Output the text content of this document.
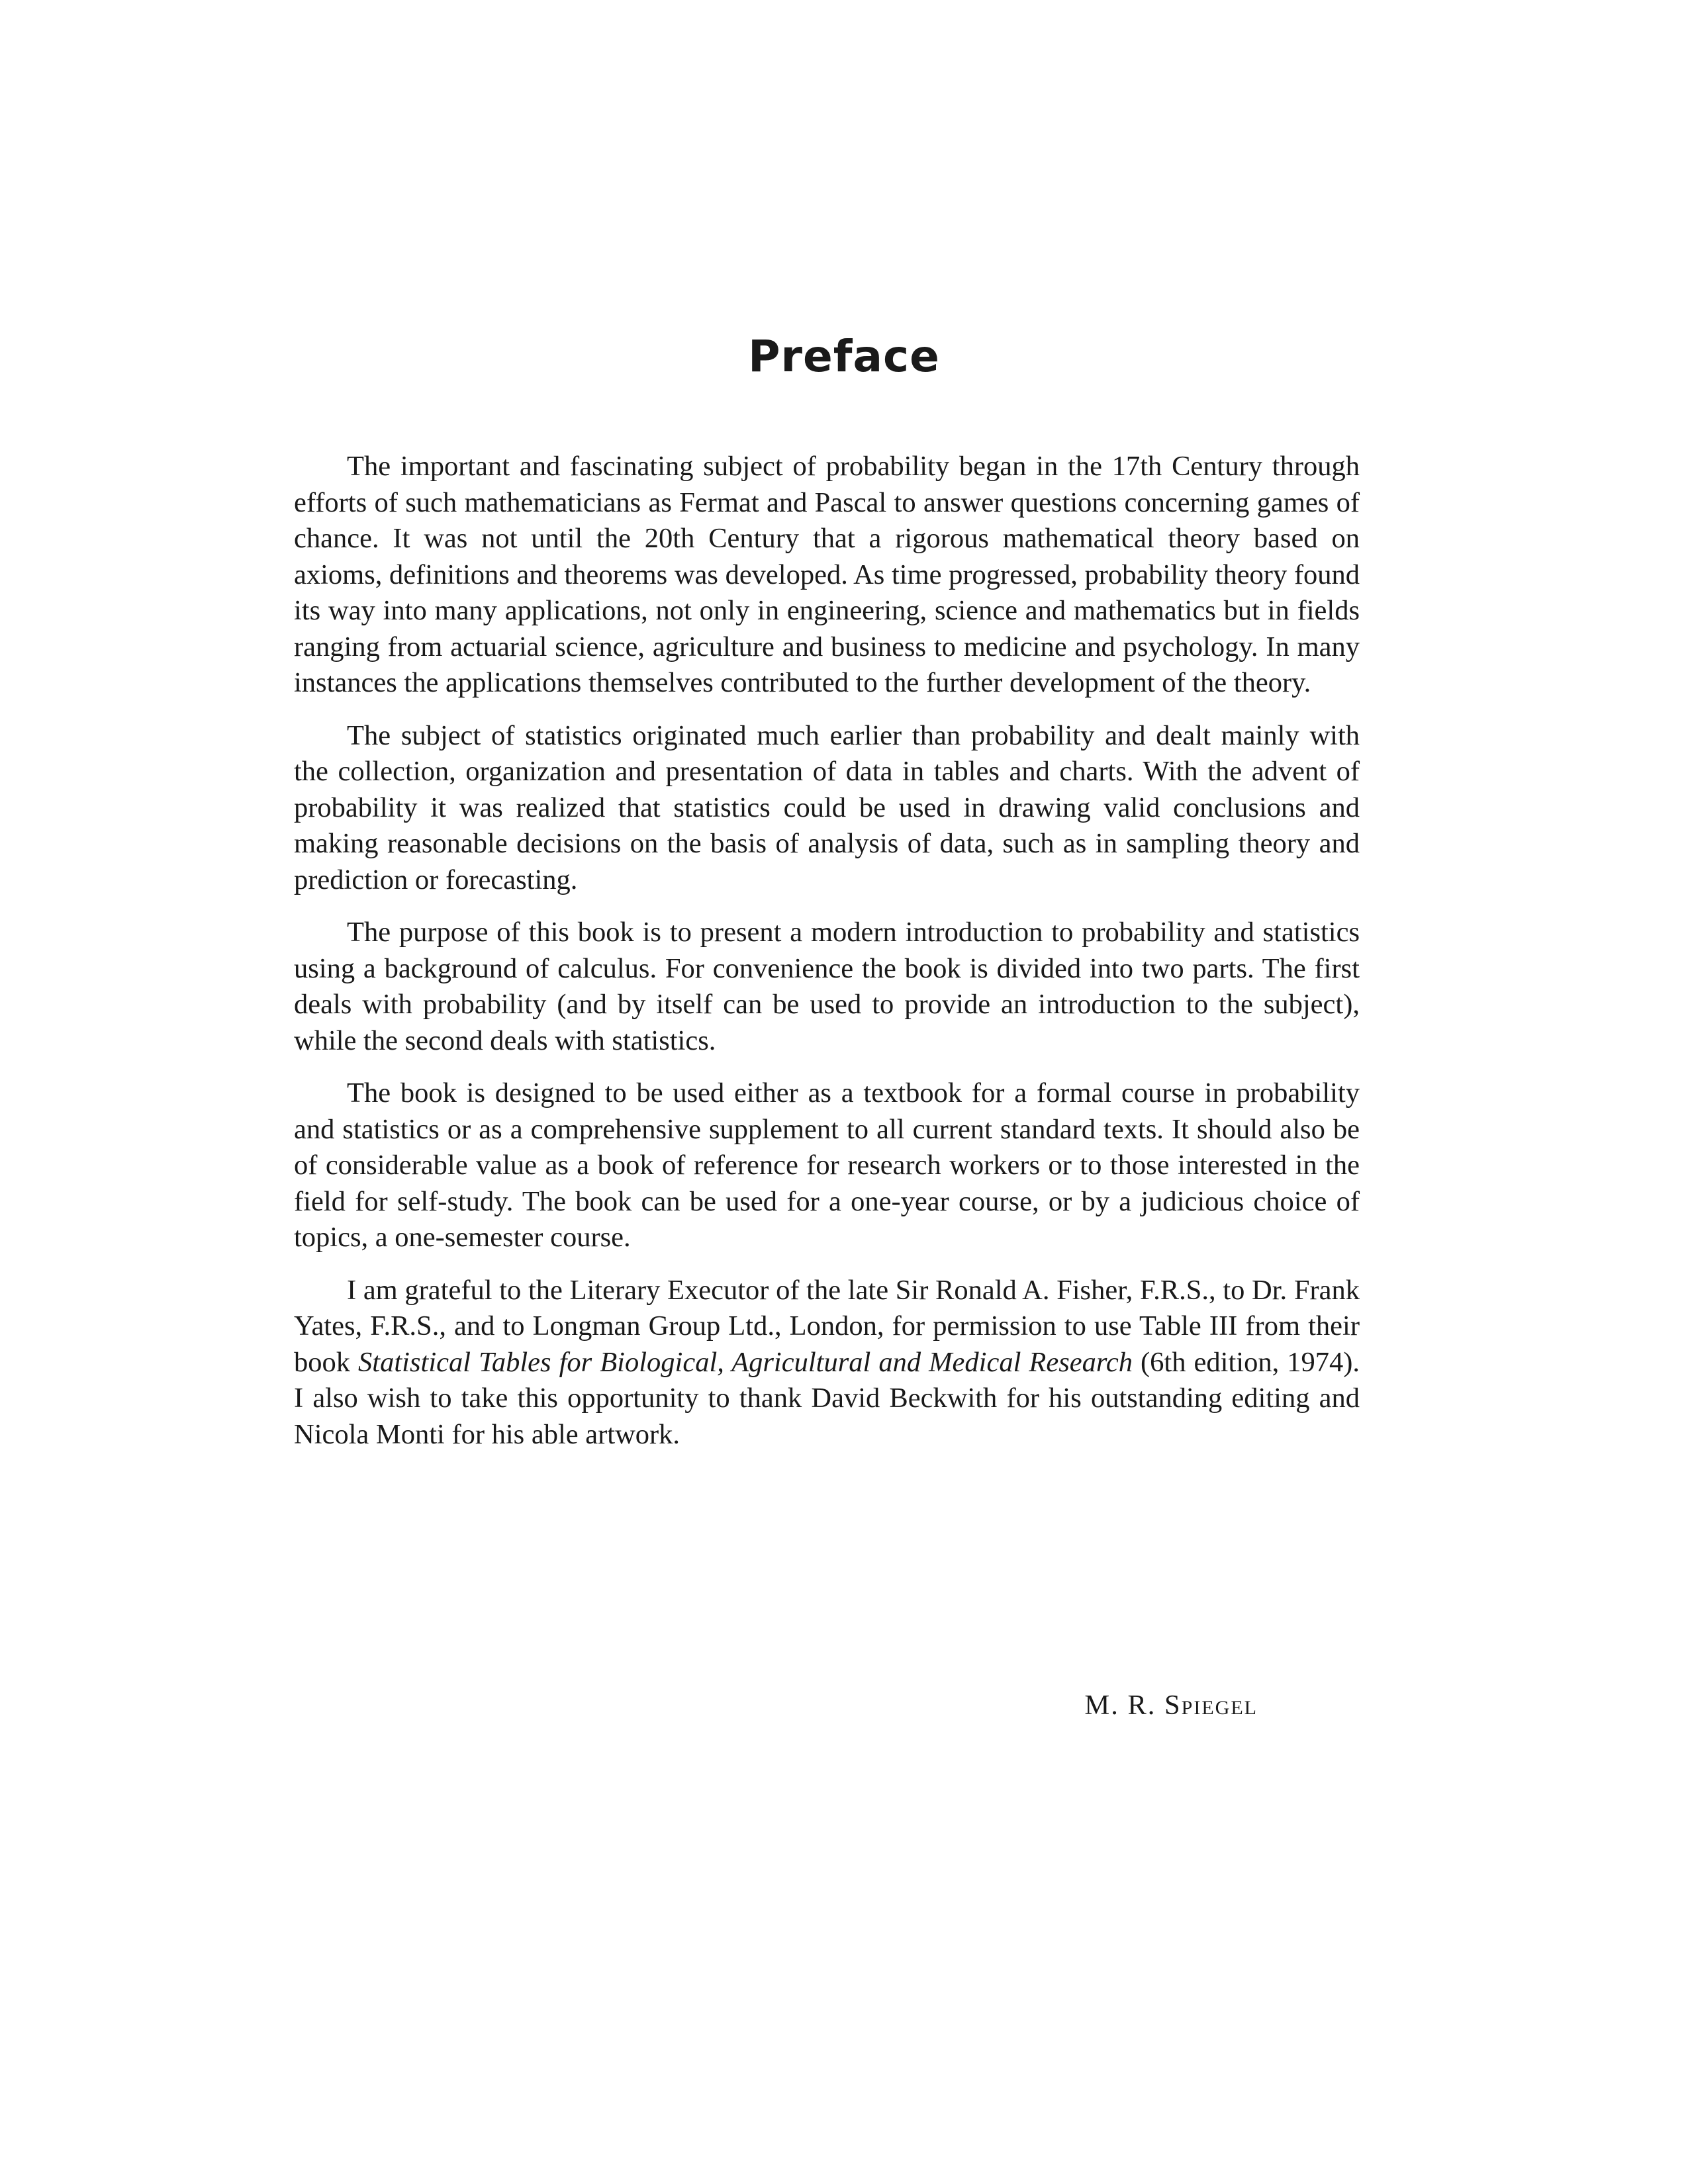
Preface

The important and fascinating subject of probability began in the 17th Century through efforts of such mathematicians as Fermat and Pascal to answer questions concerning games of chance. It was not until the 20th Century that a rigorous mathematical theory based on axioms, definitions and theorems was developed. As time progressed, probability theory found its way into many applications, not only in engineering, science and mathematics but in fields ranging from actuarial science, agriculture and business to medicine and psychology. In many instances the applications themselves contributed to the further development of the theory.

The subject of statistics originated much earlier than probability and dealt mainly with the collection, organization and presentation of data in tables and charts. With the advent of probability it was realized that statistics could be used in drawing valid conclusions and making reasonable decisions on the basis of analysis of data, such as in sampling theory and prediction or forecasting.

The purpose of this book is to present a modern introduction to probability and statistics using a background of calculus. For convenience the book is divided into two parts. The first deals with probability (and by itself can be used to provide an introduction to the subject), while the second deals with statistics.

The book is designed to be used either as a textbook for a formal course in probability and statistics or as a comprehensive supplement to all current standard texts. It should also be of considerable value as a book of reference for research workers or to those interested in the field for self-study. The book can be used for a one-year course, or by a judicious choice of topics, a one-semester course.

I am grateful to the Literary Executor of the late Sir Ronald A. Fisher, F.R.S., to Dr. Frank Yates, F.R.S., and to Longman Group Ltd., London, for permission to use Table III from their book Statistical Tables for Biological, Agricultural and Medical Research (6th edition, 1974). I also wish to take this opportunity to thank David Beckwith for his outstanding editing and Nicola Monti for his able artwork.

M. R. Spiegel
